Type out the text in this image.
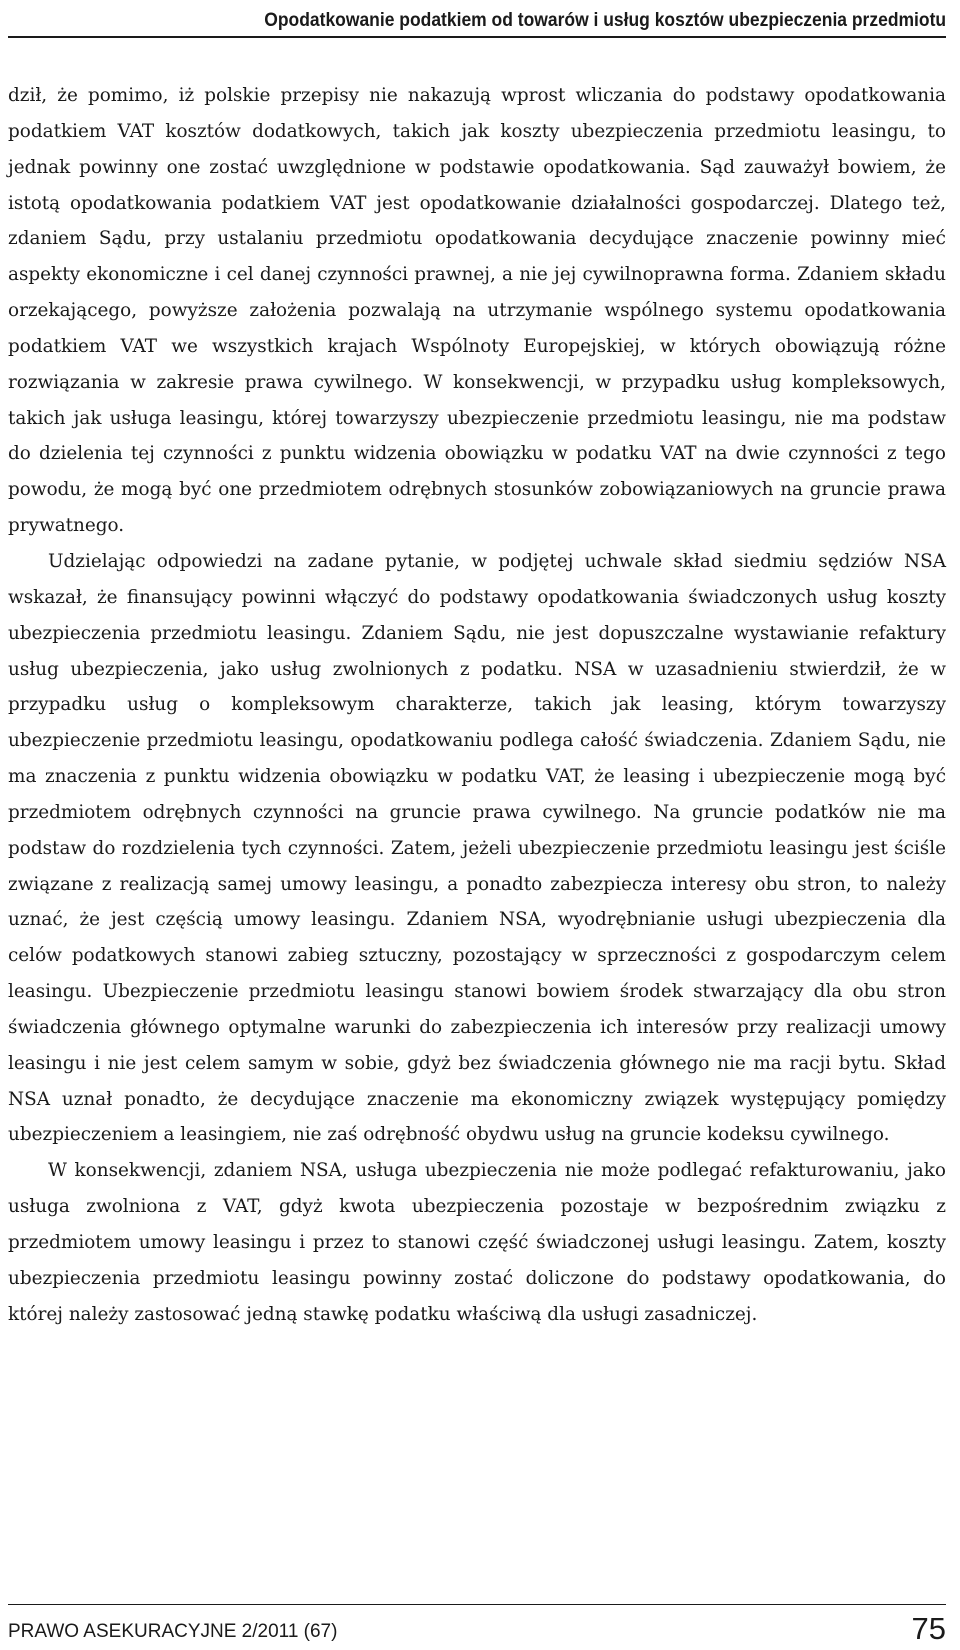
Opodatkowanie podatkiem od towarów i usług kosztów ubezpieczenia przedmiotu

dził, że pomimo, iż polskie przepisy nie nakazują wprost wliczania do podstawy opodatkowania podatkiem VAT kosztów dodatkowych, takich jak koszty ubezpieczenia przedmiotu leasingu, to jednak powinny one zostać uwzględnione w podstawie opodatkowania. Sąd zauważył bowiem, że istotą opodatkowania podatkiem VAT jest opodatkowanie działalności gospodarczej. Dlatego też, zdaniem Sądu, przy ustalaniu przedmiotu opodatkowania decydujące znaczenie powinny mieć aspekty ekonomiczne i cel danej czynności prawnej, a nie jej cywilnoprawna forma. Zdaniem składu orzekającego, powyższe założenia pozwalają na utrzymanie wspólnego systemu opodatkowania podatkiem VAT we wszystkich krajach Wspólnoty Europejskiej, w których obowiązują różne rozwiązania w zakresie prawa cywilnego. W konsekwencji, w przypadku usług kompleksowych, takich jak usługa leasingu, której towarzyszy ubezpieczenie przedmiotu leasingu, nie ma podstaw do dzielenia tej czynności z punktu widzenia obowiązku w podatku VAT na dwie czynności z tego powodu, że mogą być one przedmiotem odrębnych stosunków zobowiązaniowych na gruncie prawa prywatnego.

Udzielając odpowiedzi na zadane pytanie, w podjętej uchwale skład siedmiu sędziów NSA wskazał, że finansujący powinni włączyć do podstawy opodatkowania świadczonych usług koszty ubezpieczenia przedmiotu leasingu. Zdaniem Sądu, nie jest dopuszczalne wystawianie refaktury usług ubezpieczenia, jako usług zwolnionych z podatku. NSA w uzasadnieniu stwierdził, że w przypadku usług o kompleksowym charakterze, takich jak leasing, którym towarzyszy ubezpieczenie przedmiotu leasingu, opodatkowaniu podlega całość świadczenia. Zdaniem Sądu, nie ma znaczenia z punktu widzenia obowiązku w podatku VAT, że leasing i ubezpieczenie mogą być przedmiotem odrębnych czynności na gruncie prawa cywilnego. Na gruncie podatków nie ma podstaw do rozdzielenia tych czynności. Zatem, jeżeli ubezpieczenie przedmiotu leasingu jest ściśle związane z realizacją samej umowy leasingu, a ponadto zabezpiecza interesy obu stron, to należy uznać, że jest częścią umowy leasingu. Zdaniem NSA, wyodrębnianie usługi ubezpieczenia dla celów podatkowych stanowi zabieg sztuczny, pozostający w sprzeczności z gospodarczym celem leasingu. Ubezpieczenie przedmiotu leasingu stanowi bowiem środek stwarzający dla obu stron świadczenia głównego optymalne warunki do zabezpieczenia ich interesów przy realizacji umowy leasingu i nie jest celem samym w sobie, gdyż bez świadczenia głównego nie ma racji bytu. Skład NSA uznał ponadto, że decydujące znaczenie ma ekonomiczny związek występujący pomiędzy ubezpieczeniem a leasingiem, nie zaś odrębność obydwu usług na gruncie kodeksu cywilnego.

W konsekwencji, zdaniem NSA, usługa ubezpieczenia nie może podlegać refakturowaniu, jako usługa zwolniona z VAT, gdyż kwota ubezpieczenia pozostaje w bezpośrednim związku z przedmiotem umowy leasingu i przez to stanowi część świadczonej usługi leasingu. Zatem, koszty ubezpieczenia przedmiotu leasingu powinny zostać doliczone do podstawy opodatkowania, do której należy zastosować jedną stawkę podatku właściwą dla usługi zasadniczej.

PRAWO ASEKURACYJNE 2/2011 (67)	75
